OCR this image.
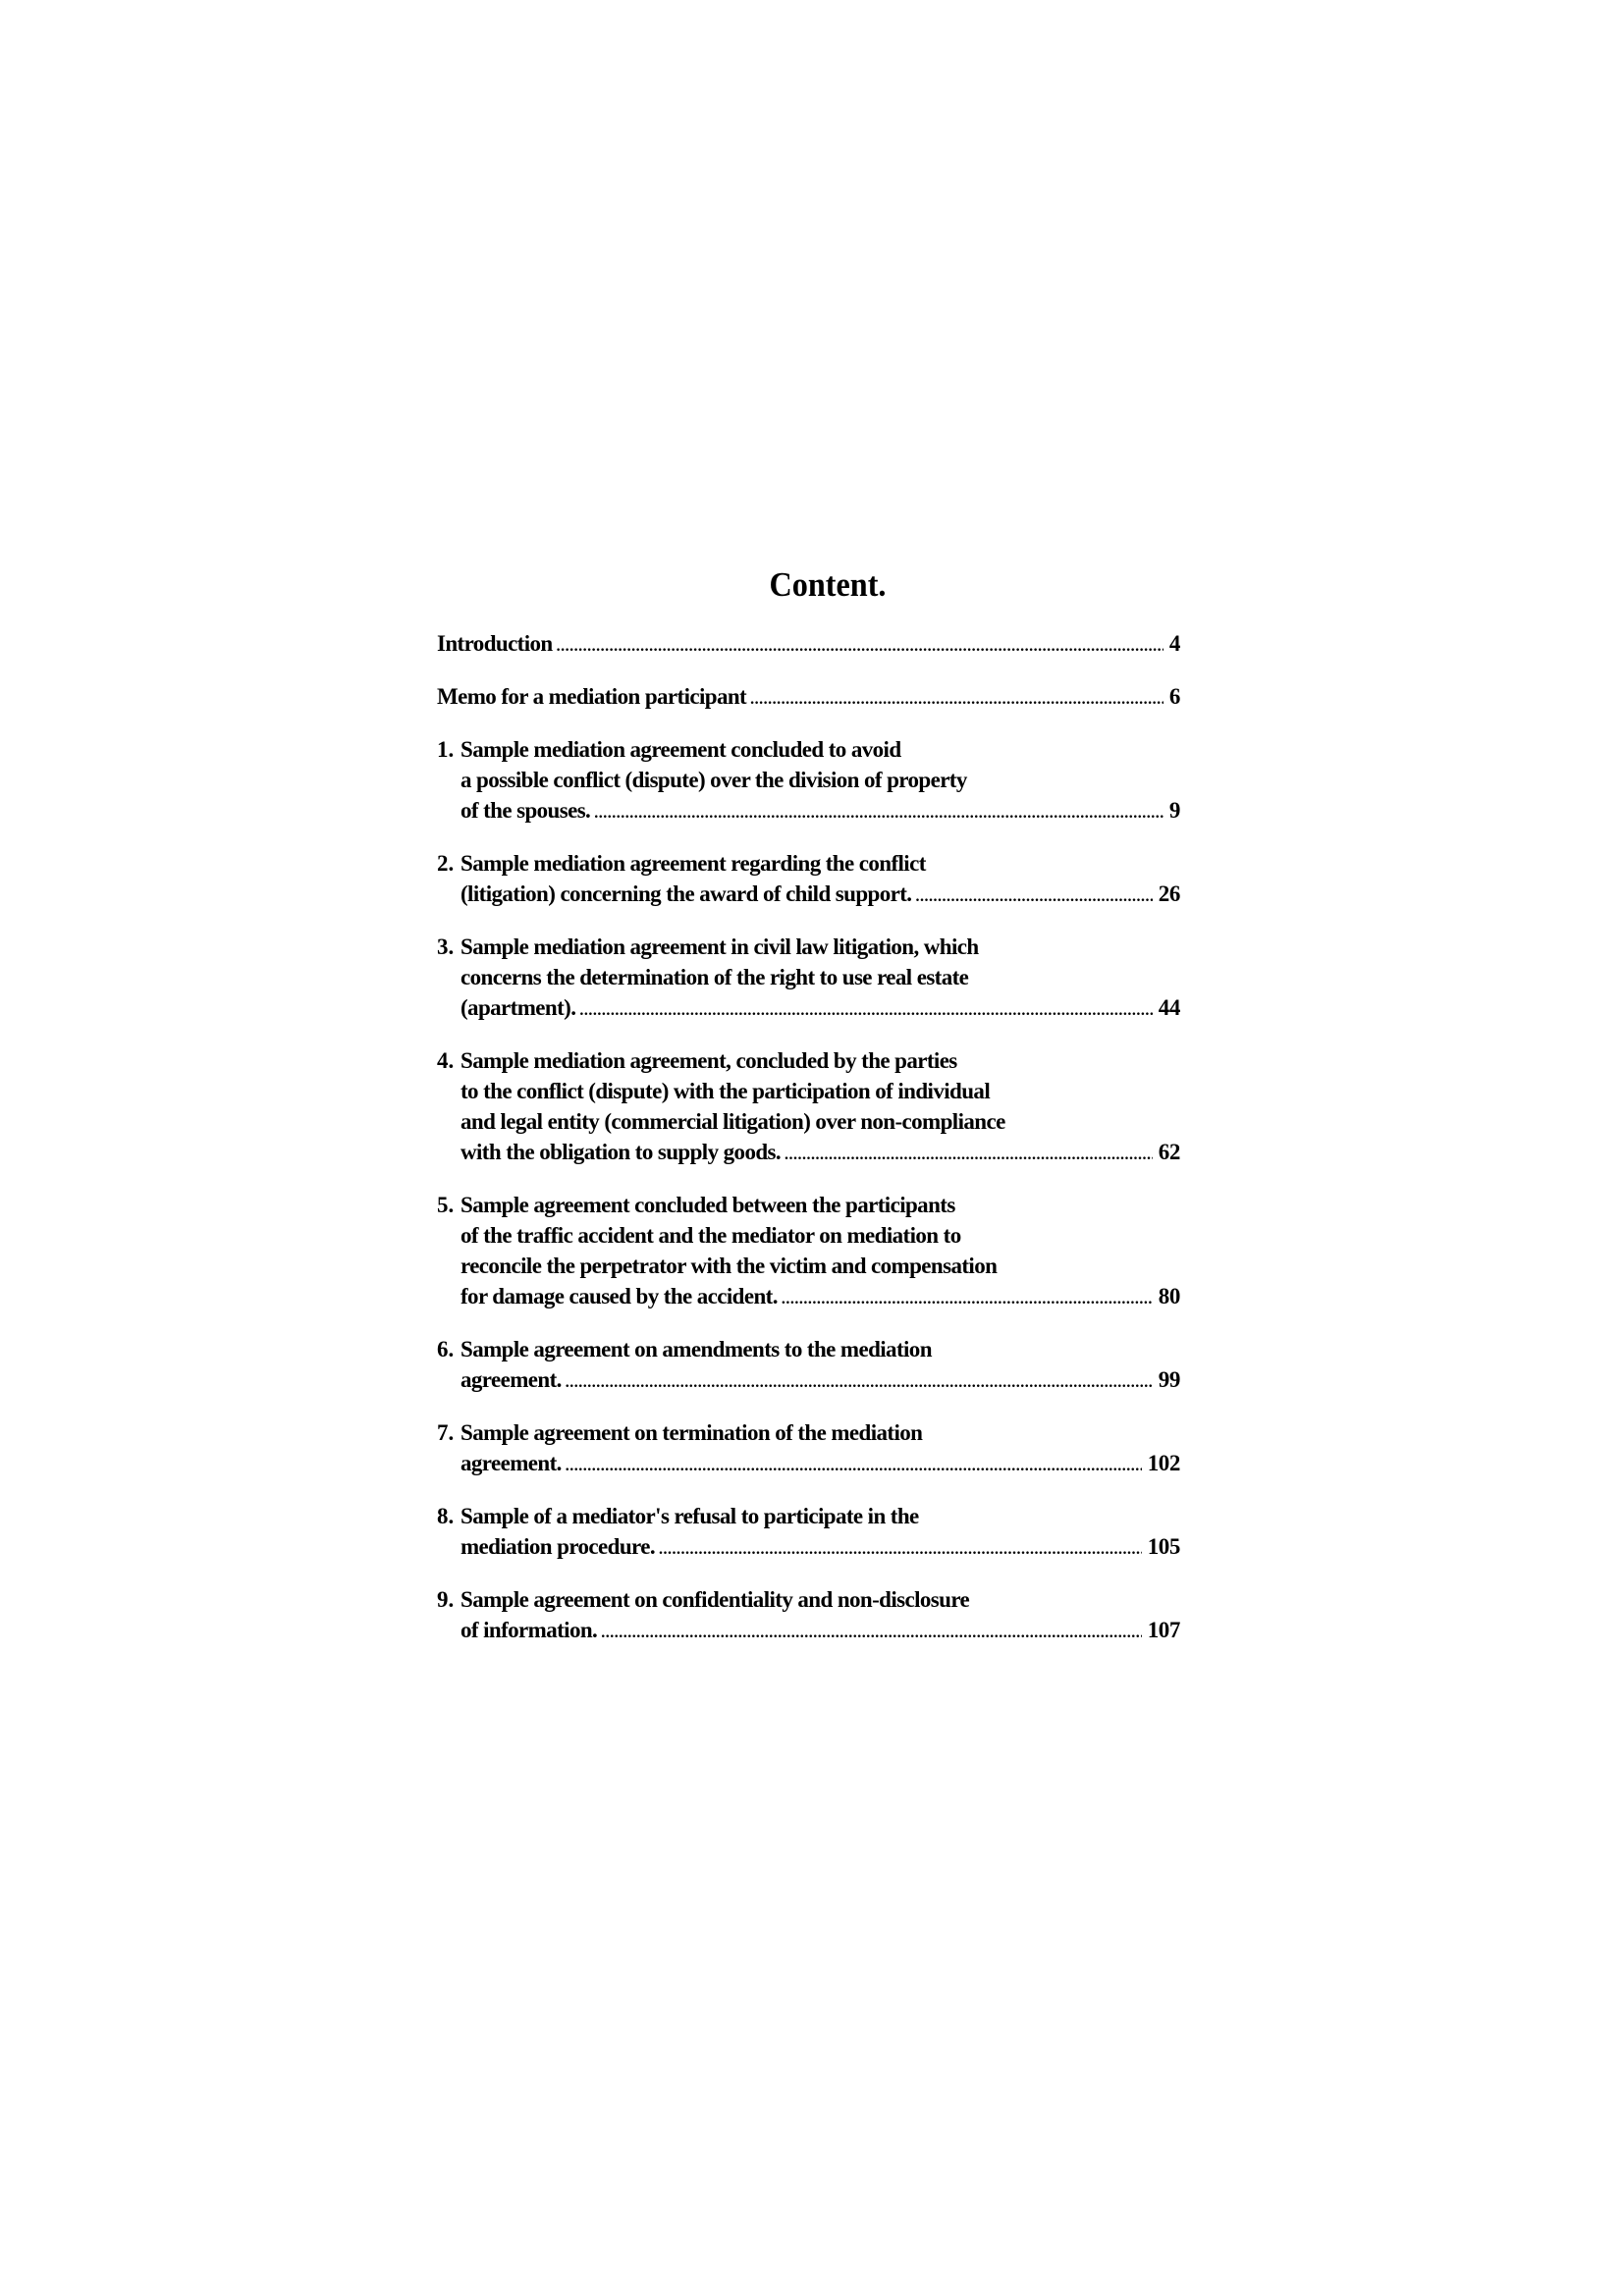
Content.
Introduction .....	4
Memo for a mediation participant .....	6
1. Sample mediation agreement concluded to avoid
a possible conflict (dispute) over the division of property
of the spouses. .....	9
2. Sample mediation agreement regarding the conflict
(litigation) concerning the award of child support. .....	26
3. Sample mediation agreement in civil law litigation, which
concerns the determination of the right to use real estate
(apartment). .....	44
4. Sample mediation agreement, concluded by the parties
to the conflict (dispute) with the participation of individual
and legal entity (commercial litigation) over non-compliance
with the obligation to supply goods. .....	62
5. Sample agreement concluded between the participants
of the traffic accident and the mediator on mediation to
reconcile the perpetrator with the victim and compensation
for damage caused by the accident. .....	80
6. Sample agreement on amendments to the mediation
agreement. .....	99
7. Sample agreement on termination of the mediation
agreement. .....	102
8. Sample of a mediator's refusal to participate in the
mediation procedure. .....	105
9. Sample agreement on confidentiality and non-disclosure
of information. .....	107
